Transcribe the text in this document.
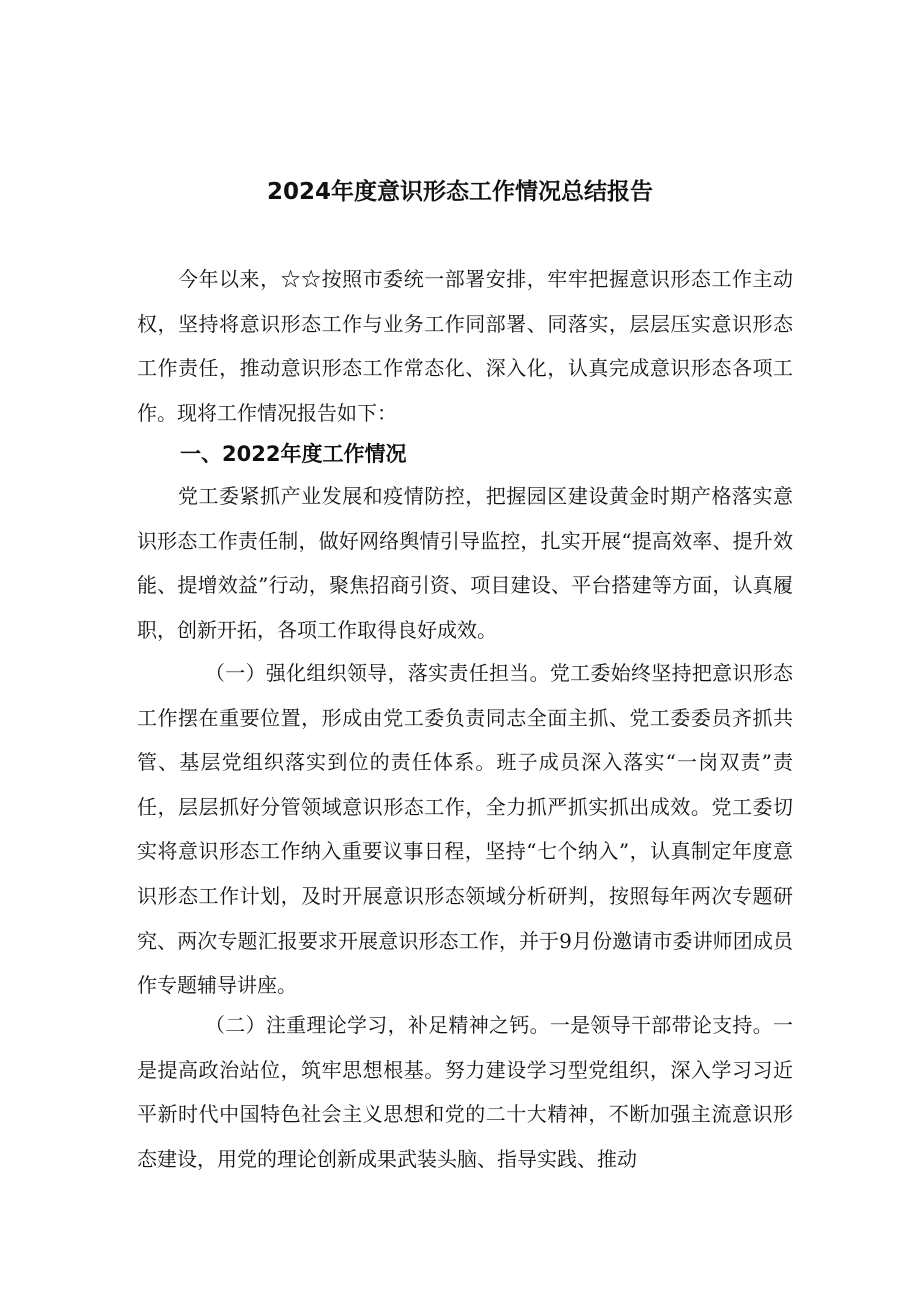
2024年度意识形态工作情况总结报告

今年以来，☆☆按照市委统一部署安排，牢牢把握意识形态工作主动权，坚持将意识形态工作与业务工作同部署、同落实，层层压实意识形态工作责任，推动意识形态工作常态化、深入化，认真完成意识形态各项工作。现将工作情况报告如下：

一、2022年度工作情况

党工委紧抓产业发展和疫情防控，把握园区建设黄金时期产格落实意识形态工作责任制，做好网络舆情引导监控，扎实开展“提高效率、提升效能、提增效益”行动，聚焦招商引资、项目建设、平台搭建等方面，认真履职，创新开拓，各项工作取得良好成效。

（一）强化组织领导，落实责任担当。党工委始终坚持把意识形态工作摆在重要位置，形成由党工委负责同志全面主抓、党工委委员齐抓共管、基层党组织落实到位的责任体系。班子成员深入落实“一岗双责”责任，层层抓好分管领域意识形态工作，全力抓严抓实抓出成效。党工委切实将意识形态工作纳入重要议事日程，坚持“七个纳入”，认真制定年度意识形态工作计划，及时开展意识形态领域分析研判，按照每年两次专题研究、两次专题汇报要求开展意识形态工作，并于9月份邀请市委讲师团成员作专题辅导讲座。

（二）注重理论学习，补足精神之钙。一是领导干部带论支持。一是提高政治站位，筑牢思想根基。努力建设学习型党组织，深入学习习近平新时代中国特色社会主义思想和党的二十大精神，不断加强主流意识形态建设，用党的理论创新成果武装头脑、指导实践、推动
